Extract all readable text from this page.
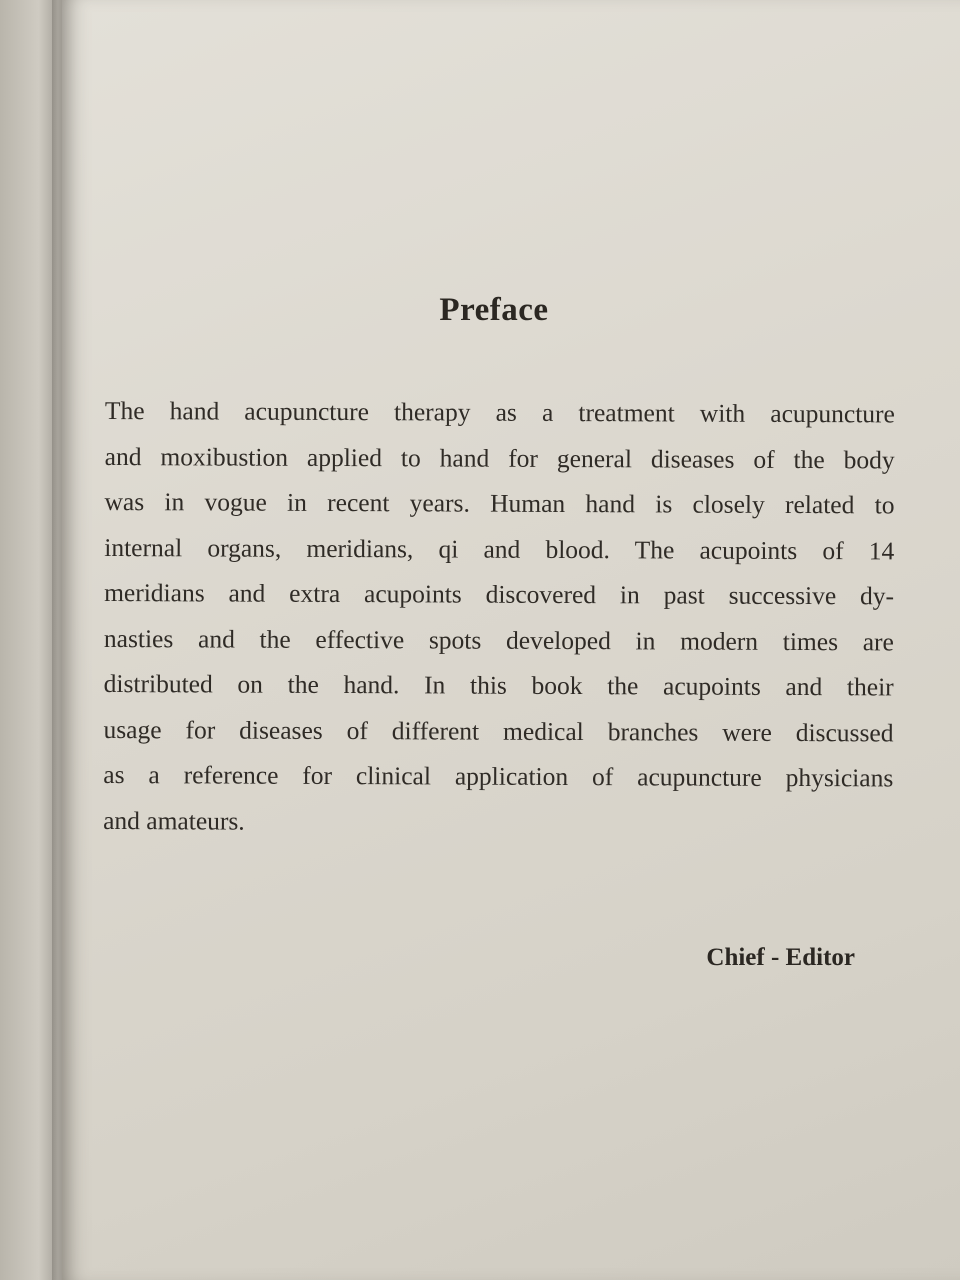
Preface
The hand acupuncture therapy as a treatment with acupuncture
and moxibustion applied to hand for general diseases of the body
was in vogue in recent years. Human hand is closely related to
internal organs, meridians, qi and blood. The acupoints of 14
meridians and extra acupoints discovered in past successive dy-
nasties and the effective spots developed in modern times are
distributed on the hand. In this book the acupoints and their
usage for diseases of different medical branches were discussed
as a reference for clinical application of acupuncture physicians
and amateurs.
Chief - Editor
